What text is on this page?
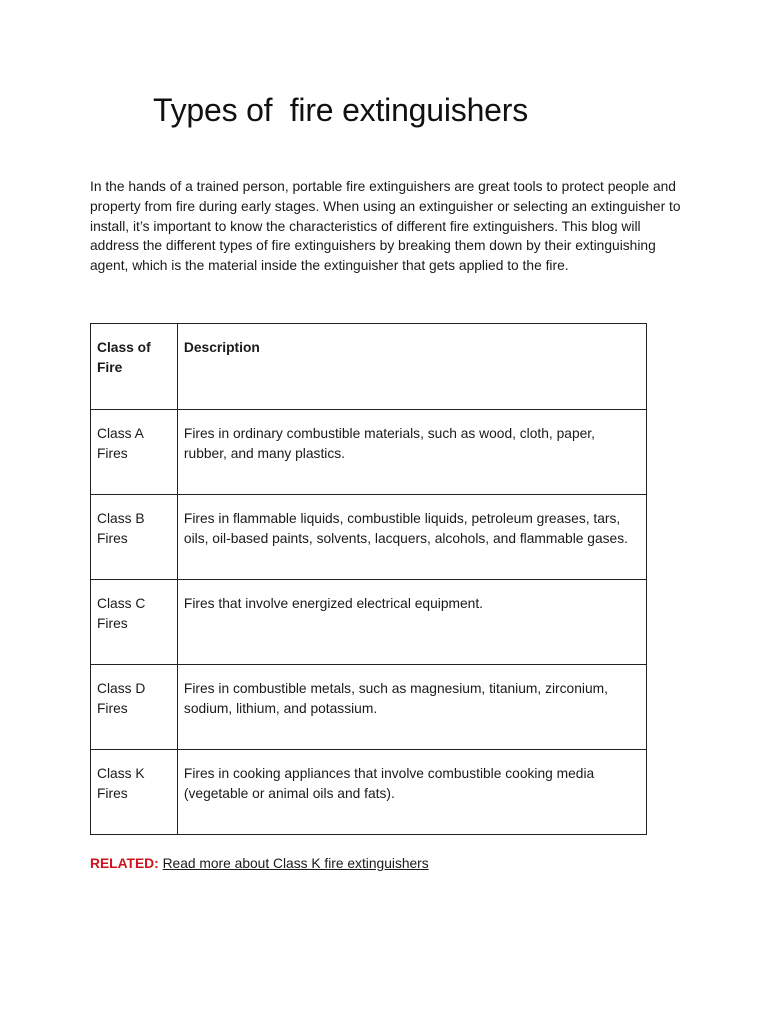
Types of  fire extinguishers

In the hands of a trained person, portable fire extinguishers are great tools to protect people and property from fire during early stages. When using an extinguisher or selecting an extinguisher to install, it’s important to know the characteristics of different fire extinguishers. This blog will address the different types of fire extinguishers by breaking them down by their extinguishing agent, which is the material inside the extinguisher that gets applied to the fire.

Class of Fire	Description
Class A Fires	Fires in ordinary combustible materials, such as wood, cloth, paper, rubber, and many plastics.
Class B Fires	Fires in flammable liquids, combustible liquids, petroleum greases, tars, oils, oil-based paints, solvents, lacquers, alcohols, and flammable gases.
Class C Fires	Fires that involve energized electrical equipment.
Class D Fires	Fires in combustible metals, such as magnesium, titanium, zirconium, sodium, lithium, and potassium.
Class K Fires	Fires in cooking appliances that involve combustible cooking media (vegetable or animal oils and fats).

RELATED: Read more about Class K fire extinguishers
